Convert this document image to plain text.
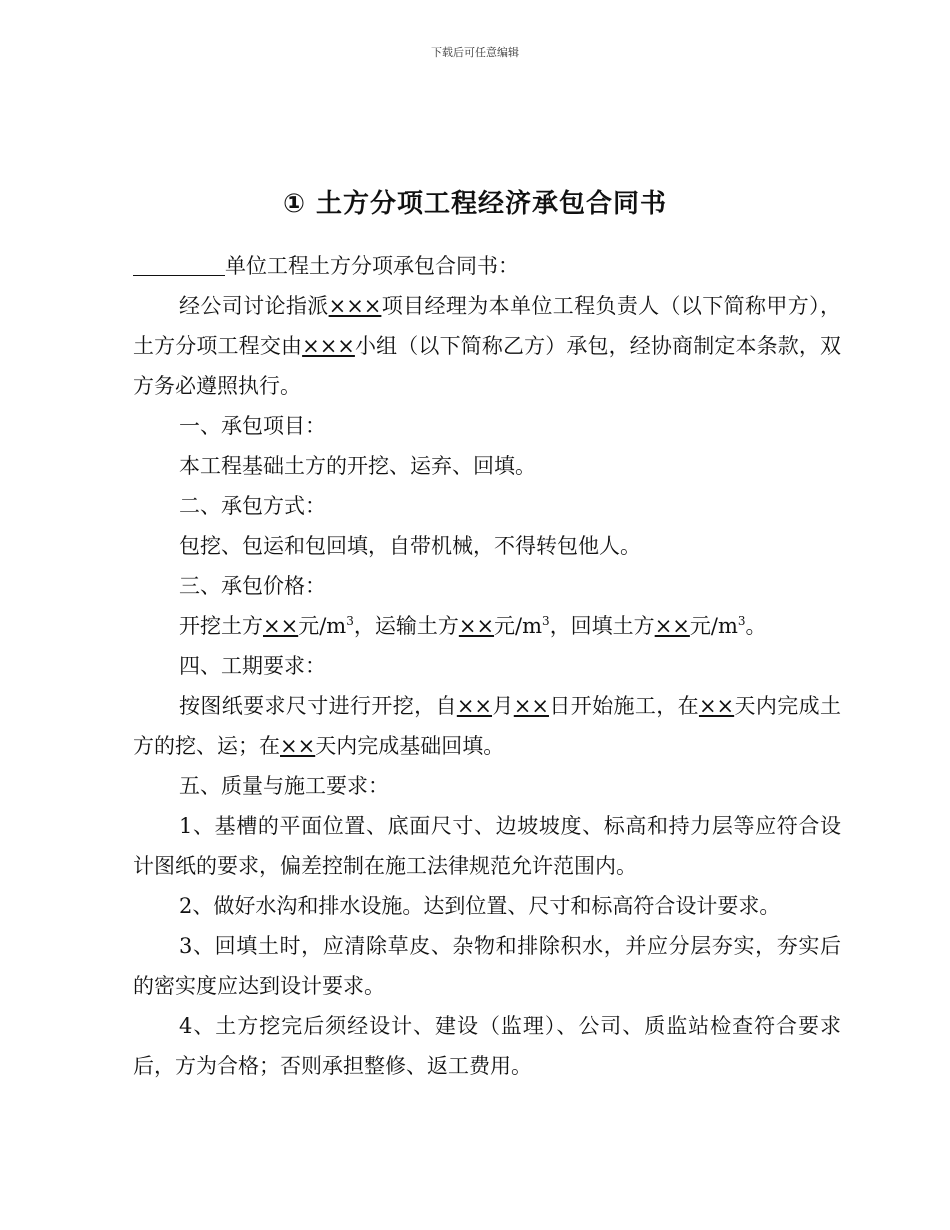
下载后可任意编辑
① 土方分项工程经济承包合同书

单位工程土方分项承包合同书：

经公司讨论指派×××项目经理为本单位工程负责人（以下简称甲方），土方分项工程交由×××小组（以下简称乙方）承包，经协商制定本条款，双方务必遵照执行。

一、承包项目：

本工程基础土方的开挖、运弃、回填。

二、承包方式：

包挖、包运和包回填，自带机械，不得转包他人。

三、承包价格：

开挖土方××元$/m^3$，运输土方××元$/m^3$，回填土方××元$/m^3$。

四、工期要求：

按图纸要求尺寸进行开挖，自××月××日开始施工，在××天内完成土方的挖、运；在××天内完成基础回填。

五、质量与施工要求：

1、基槽的平面位置、底面尺寸、边坡坡度、标高和持力层等应符合设计图纸的要求，偏差控制在施工法律规范允许范围内。

2、做好水沟和排水设施。达到位置、尺寸和标高符合设计要求。

3、回填土时，应清除草皮、杂物和排除积水，并应分层夯实，夯实后的密实度应达到设计要求。

4、土方挖完后须经设计、建设（监理）、公司、质监站检查符合要求后，方为合格；否则承担整修、返工费用。
